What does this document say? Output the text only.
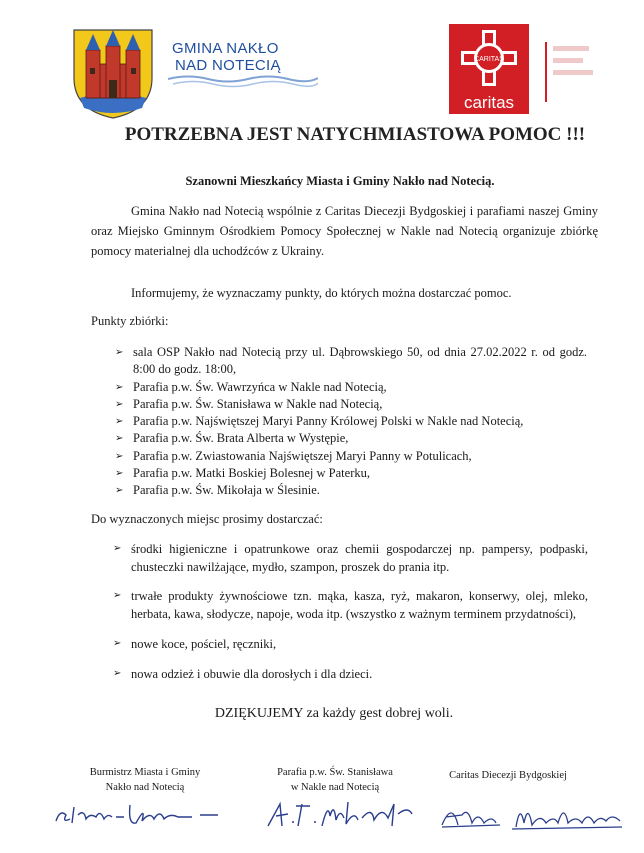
GMINA NAKŁO
NAD NOTECIĄ	CARITAS
caritas
POTRZEBNA JEST NATYCHMIASTOWA POMOC !!!
Szanowni Mieszkańcy Miasta i Gminy Nakło nad Notecią.
Gmina Nakło nad Notecią wspólnie z Caritas Diecezji Bydgoskiej i parafiami naszej Gminy oraz Miejsko Gminnym Ośrodkiem Pomocy Społecznej w Nakle nad Notecią organizuje zbiórkę pomocy materialnej dla uchodźców z Ukrainy.
Informujemy, że wyznaczamy punkty, do których można dostarczać pomoc.
Punkty zbiórki:
➢ sala OSP Nakło nad Notecią przy ul. Dąbrowskiego 50, od dnia 27.02.2022 r. od godz. 8:00 do godz. 18:00,
➢ Parafia p.w. Św. Wawrzyńca w Nakle nad Notecią,
➢ Parafia p.w. Św. Stanisława w Nakle nad Notecią,
➢ Parafia p.w. Najświętszej Maryi Panny Królowej Polski w Nakle nad Notecią,
➢ Parafia p.w. Św. Brata Alberta w Występie,
➢ Parafia p.w. Zwiastowania Najświętszej Maryi Panny w Potulicach,
➢ Parafia p.w. Matki Boskiej Bolesnej w Paterku,
➢ Parafia p.w. Św. Mikołaja w Ślesinie.
Do wyznaczonych miejsc prosimy dostarczać:
➢ środki higieniczne i opatrunkowe oraz chemii gospodarczej np. pampersy, podpaski, chusteczki nawilżające, mydło, szampon, proszek do prania itp.
➢ trwałe produkty żywnościowe tzn. mąka, kasza, ryż, makaron, konserwy, olej, mleko, herbata, kawa, słodycze, napoje, woda itp. (wszystko z ważnym terminem przydatności),
➢ nowe koce, pościel, ręczniki,
➢ nowa odzież i obuwie dla dorosłych i dla dzieci.
DZIĘKUJEMY za każdy gest dobrej woli.
Burmistrz Miasta i Gminy
Nakło nad Notecią
Parafia p.w. Św. Stanisława
w Nakle nad Notecią
Caritas Diecezji Bydgoskiej
